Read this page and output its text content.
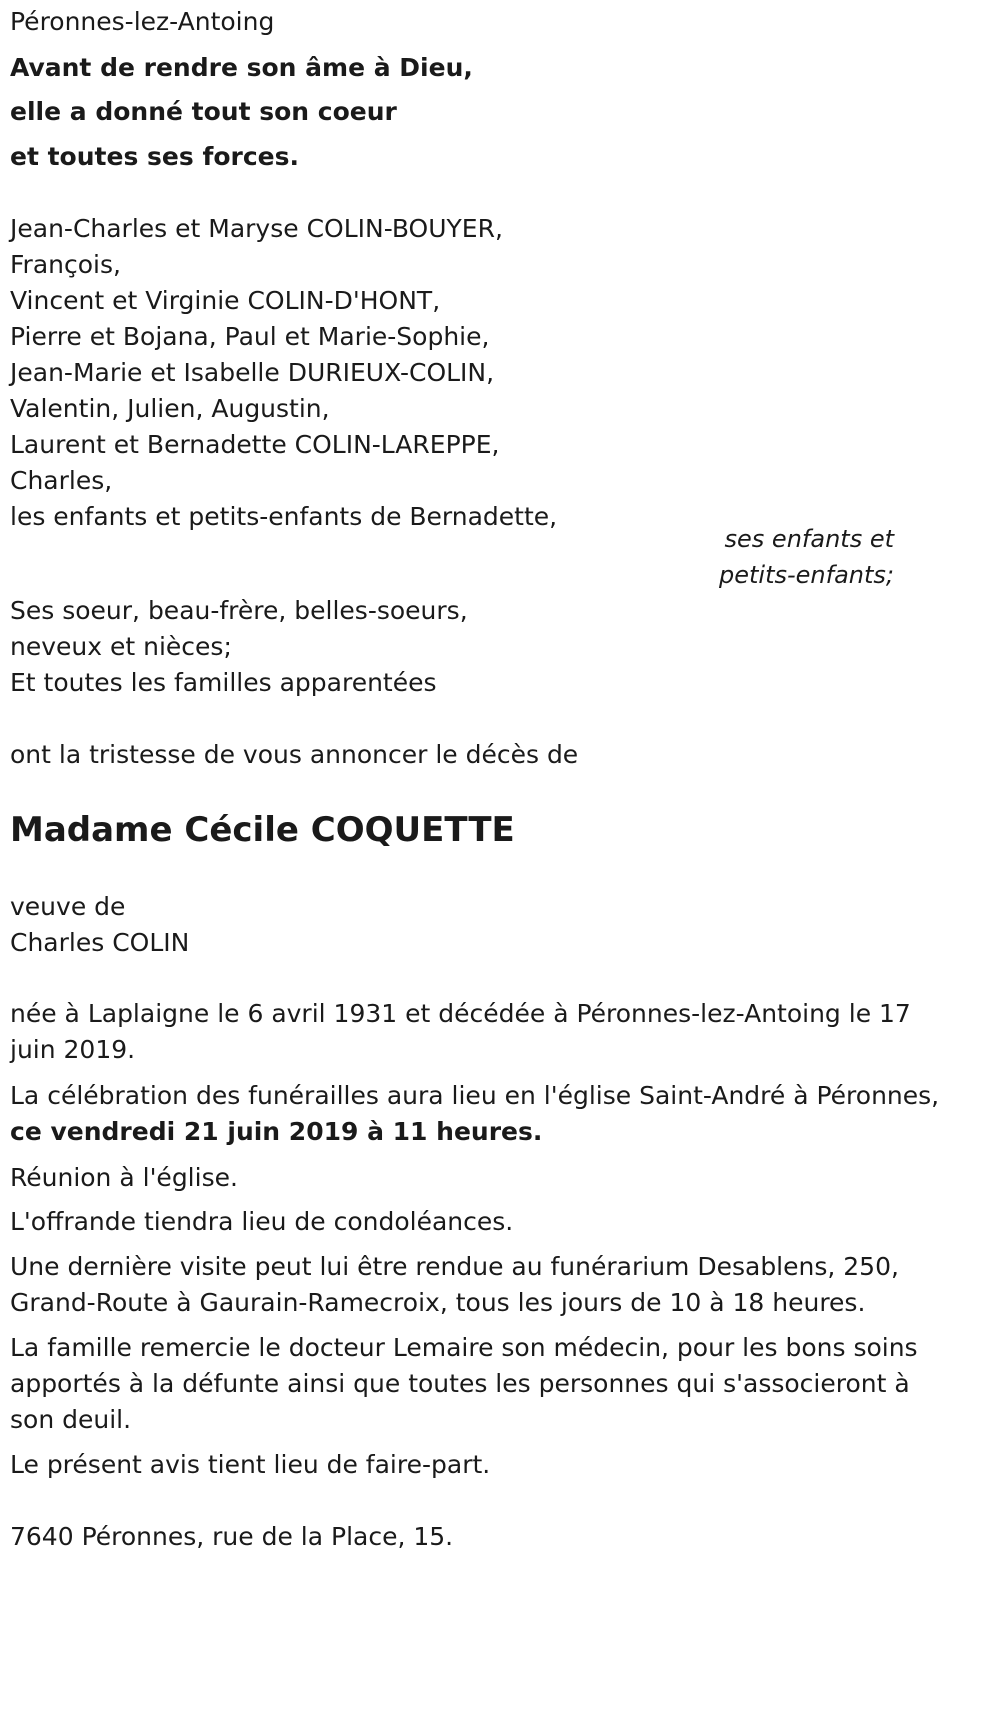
Péronnes-lez-Antoing
Avant de rendre son âme à Dieu,
elle a donné tout son coeur
et toutes ses forces.
Jean-Charles et Maryse COLIN-BOUYER,
François,
Vincent et Virginie COLIN-D'HONT,
Pierre et Bojana, Paul et Marie-Sophie,
Jean-Marie et Isabelle DURIEUX-COLIN,
Valentin, Julien, Augustin,
Laurent et Bernadette COLIN-LAREPPE,
Charles,
les enfants et petits-enfants de Bernadette,
ses enfants et
petits-enfants;
Ses soeur, beau-frère, belles-soeurs,
neveux et nièces;
Et toutes les familles apparentées
ont la tristesse de vous annoncer le décès de
Madame Cécile COQUETTE
veuve de
Charles COLIN
née à Laplaigne le 6 avril 1931 et décédée à Péronnes-lez-Antoing le 17 juin 2019.
La célébration des funérailles aura lieu en l'église Saint-André à Péronnes, ce vendredi 21 juin 2019 à 11 heures.
Réunion à l'église.
L'offrande tiendra lieu de condoléances.
Une dernière visite peut lui être rendue au funérarium Desablens, 250, Grand-Route à Gaurain-Ramecroix, tous les jours de 10 à 18 heures.
La famille remercie le docteur Lemaire son médecin, pour les bons soins apportés à la défunte ainsi que toutes les personnes qui s'associeront à son deuil.
Le présent avis tient lieu de faire-part.
7640 Péronnes, rue de la Place, 15.
